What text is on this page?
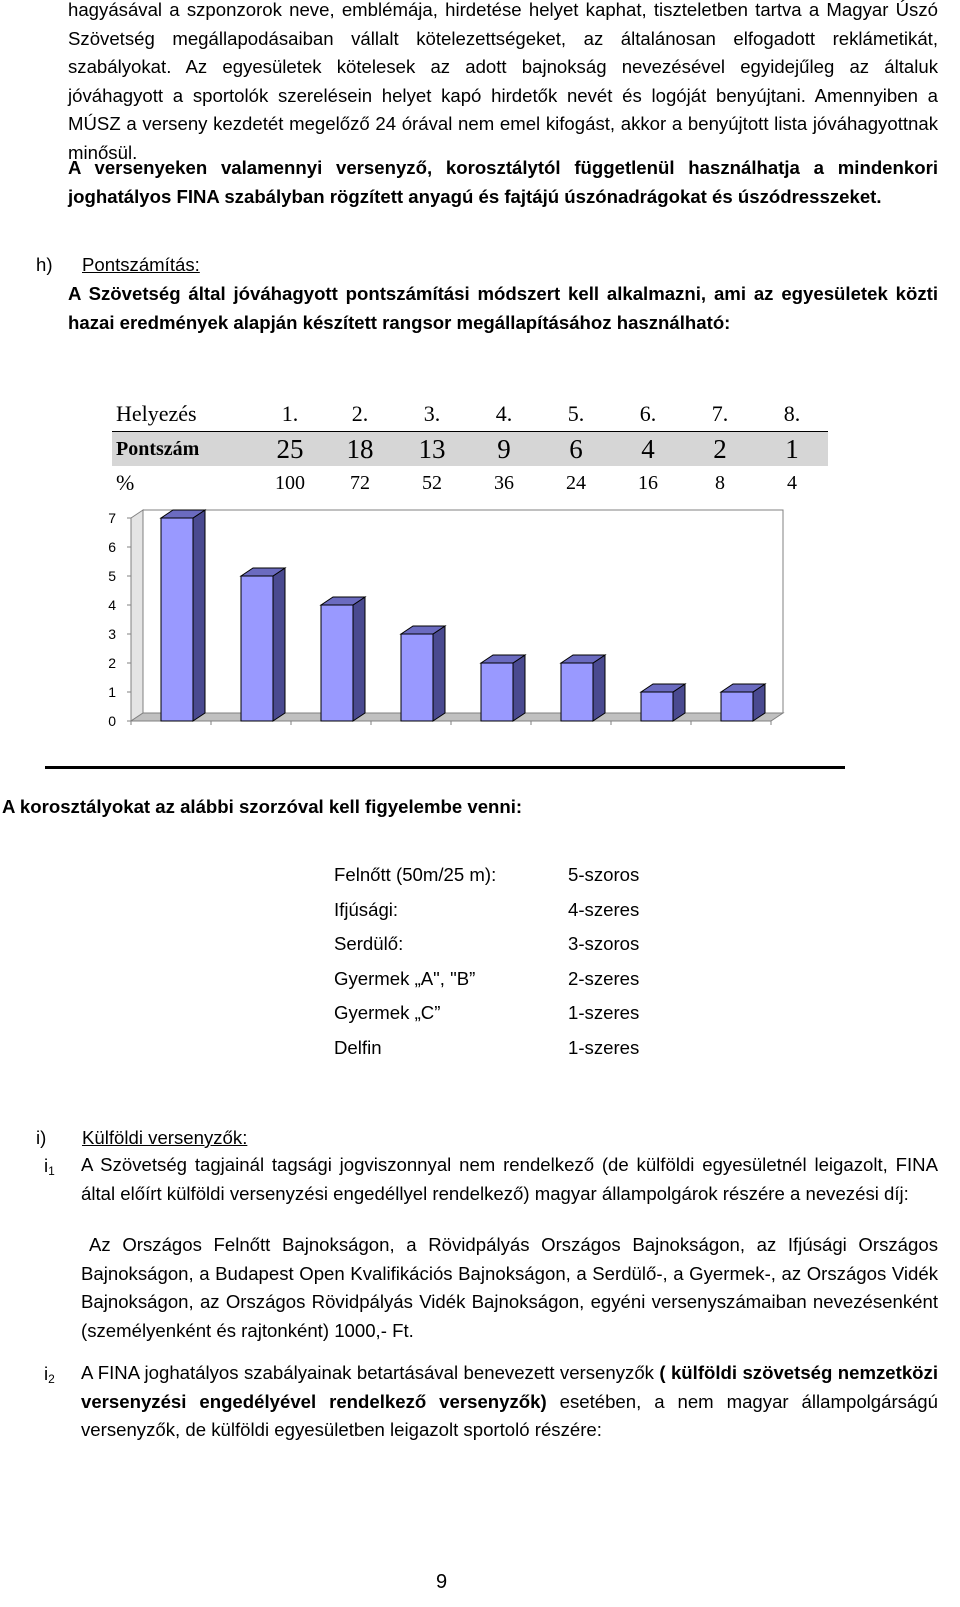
hagyásával a szponzorok neve, emblémája, hirdetése helyet kaphat, tiszteletben tartva a Magyar Úszó Szövetség megállapodásaiban vállalt kötelezettségeket, az általánosan elfogadott reklámetikát, szabályokat. Az egyesületek kötelesek az adott bajnokság nevezésével egyidejűleg az általuk jóváhagyott a sportolók szerelésein helyet kapó hirdetők nevét és logóját benyújtani. Amennyiben a MÚSZ a verseny kezdetét megelőző 24 órával nem emel kifogást, akkor a benyújtott lista jóváhagyottnak minősül.

A versenyeken valamennyi versenyző, korosztálytól függetlenül használhatja a mindenkori joghatályos FINA szabályban rögzített anyagú és fajtájú úszónadrágokat és úszódresszeket.

h) Pontszámítás:

A Szövetség által jóváhagyott pontszámítási módszert kell alkalmazni, ami az egyesületek közti hazai eredmények alapján készített rangsor megállapításához használható:

Helyezés	1.	2.	3.	4.	5.	6.	7.	8.
Pontszám	25	18	13	9	6	4	2	1
%	100	72	52	36	24	16	8	4
0
1
2
3
4
5
6
7
A korosztályokat az alábbi szorzóval kell figyelembe venni:
Felnőtt (50m/25 m):	5-szoros
Ifjúsági:	4-szeres
Serdülő:	3-szoros
Gyermek „A", "B”	2-szeres
Gyermek „C”	1-szeres
Delfin	1-szeres
i) Külföldi versenyzők:
$i_1$ A Szövetség tagjainál tagsági jogviszonnyal nem rendelkező (de külföldi egyesületnél leigazolt, FINA által előírt külföldi versenyzési engedéllyel rendelkező) magyar állampolgárok részére a nevezési díj:

Az Országos Felnőtt Bajnokságon, a Rövidpályás Országos Bajnokságon, az Ifjúsági Országos Bajnokságon, a Budapest Open Kvalifikációs Bajnokságon, a Serdülő-, a Gyermek-, az Országos Vidék Bajnokságon, az Országos Rövidpályás Vidék Bajnokságon, egyéni versenyszámaiban nevezésenként (személyenként és rajtonként) 1000,- Ft.

$i_2$ A FINA joghatályos szabályainak betartásával benevezett versenyzők ( külföldi szövetség nemzetközi versenyzési engedélyével rendelkező versenyzők) esetében, a nem magyar állampolgárságú versenyzők, de külföldi egyesületben leigazolt sportoló részére:

9
